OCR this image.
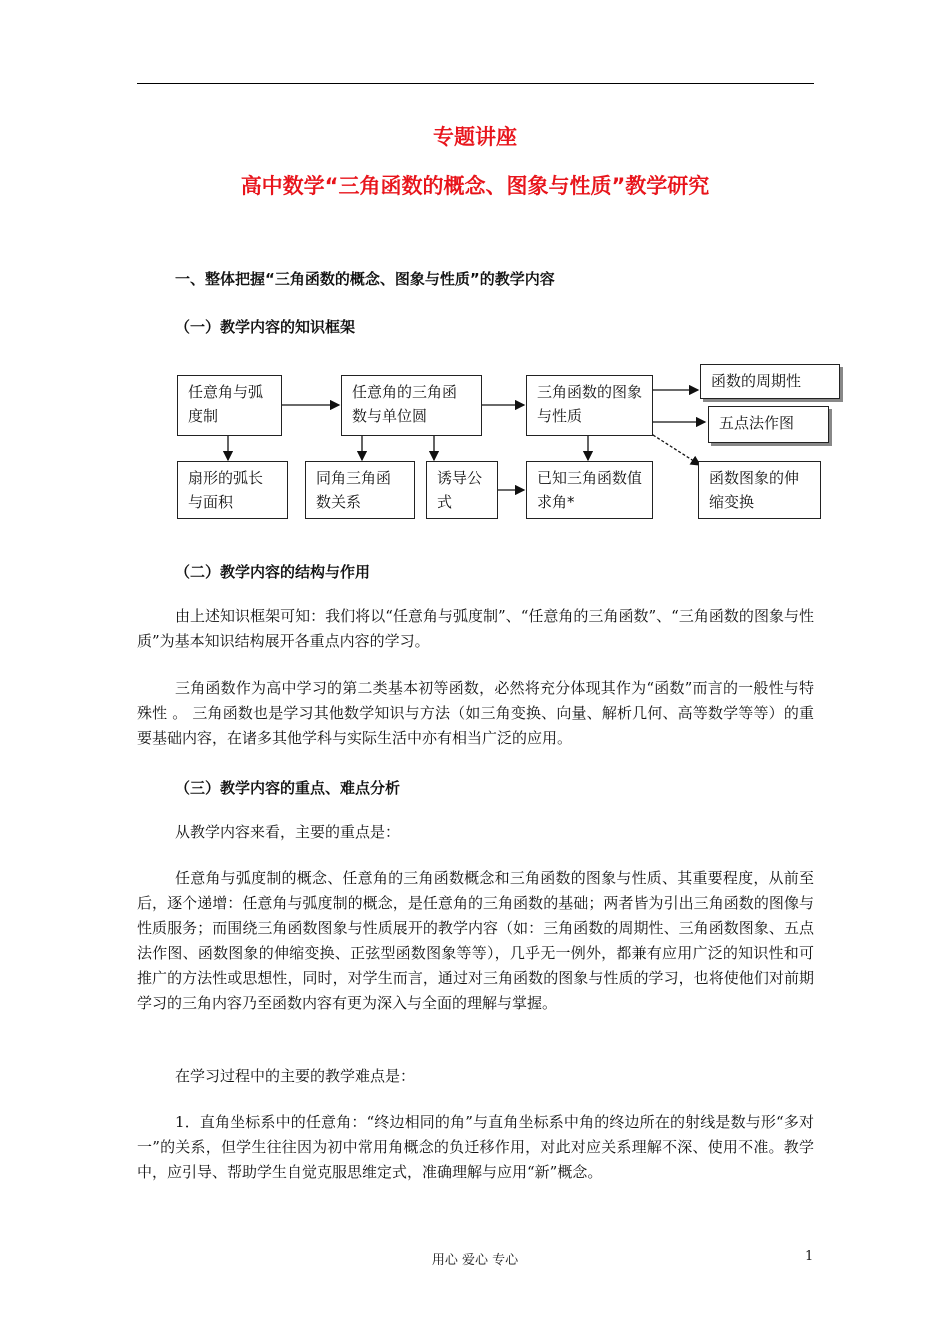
专题讲座
高中数学“三角函数的概念、图象与性质”教学研究
一、整体把握“三角函数的概念、图象与性质”的教学内容
（一）教学内容的知识框架
任意角与弧度制
任意角的三角函数与单位圆
三角函数的图象与性质
函数的周期性
五点法作图
函数图象的伸缩变换
扇形的弧长与面积
同角三角函数关系
诱导公式
已知三角函数值求角*
（二）教学内容的结构与作用
由上述知识框架可知：我们将以“任意角与弧度制”、“任意角的三角函数”、“三角函数的图象与性质”为基本知识结构展开各重点内容的学习。
三角函数作为高中学习的第二类基本初等函数，必然将充分体现其作为“函数”而言的一般性与特殊性 。 三角函数也是学习其他数学知识与方法（如三角变换、向量、解析几何、高等数学等等）的重要基础内容，在诸多其他学科与实际生活中亦有相当广泛的应用。
（三）教学内容的重点、难点分析
从教学内容来看，主要的重点是：
任意角与弧度制的概念、任意角的三角函数概念和三角函数的图象与性质、其重要程度，从前至后，逐个递增：任意角与弧度制的概念，是任意角的三角函数的基础；两者皆为引出三角函数的图像与性质服务；而围绕三角函数图象与性质展开的教学内容（如：三角函数的周期性、三角函数图象、五点法作图、函数图象的伸缩变换、正弦型函数图象等等），几乎无一例外，都兼有应用广泛的知识性和可推广的方法性或思想性，同时，对学生而言，通过对三角函数的图象与性质的学习，也将使他们对前期学习的三角内容乃至函数内容有更为深入与全面的理解与掌握。
在学习过程中的主要的教学难点是：
1．直角坐标系中的任意角：“终边相同的角”与直角坐标系中角的终边所在的射线是数与形“多对一”的关系，但学生往往因为初中常用角概念的负迁移作用，对此对应关系理解不深、使用不准。教学中，应引导、帮助学生自觉克服思维定式，准确理解与应用“新”概念。
用心 爱心 专心	1
